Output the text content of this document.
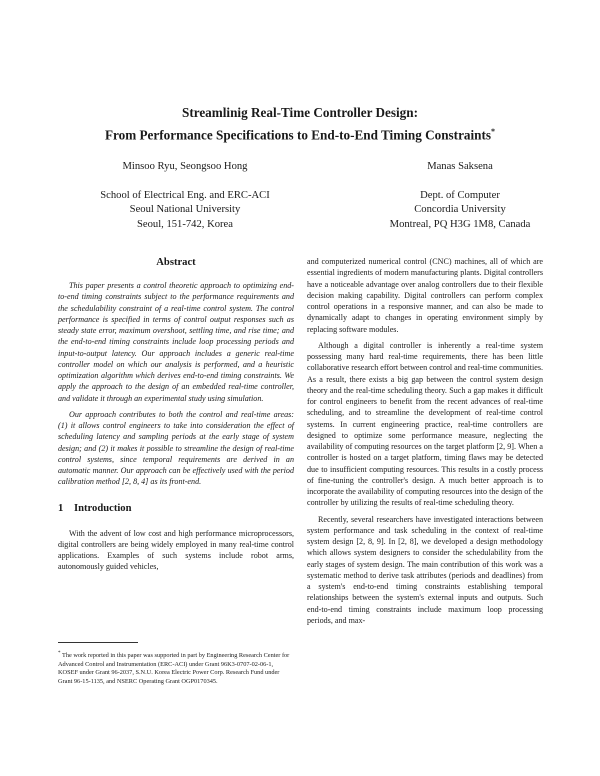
Streamlinig Real-Time Controller Design:
From Performance Specifications to End-to-End Timing Constraints*
Minsoo Ryu, Seongsoo Hong
School of Electrical Eng. and ERC-ACI
Seoul National University
Seoul, 151-742, Korea
Manas Saksena
Dept. of Computer
Concordia University
Montreal, PQ H3G 1M8, Canada
Abstract

This paper presents a control theoretic approach to optimizing end-to-end timing constraints subject to the performance requirements and the schedulability constraint of a real-time control system. The control performance is specified in terms of control output responses such as steady state error, maximum overshoot, settling time, and rise time; and the end-to-end timing constraints include loop processing periods and input-to-output latency. Our approach includes a generic real-time controller model on which our analysis is performed, and a heuristic optimization algorithm which derives end-to-end timing constraints. We apply the approach to the design of an embedded real-time controller, and validate it through an experimental study using simulation.

Our approach contributes to both the control and real-time areas: (1) it allows control engineers to take into consideration the effect of scheduling latency and sampling periods at the early stage of system design; and (2) it makes it possible to streamline the design of real-time control systems, since temporal requirements are derived in an automatic manner. Our approach can be effectively used with the period calibration method [2, 8, 4] as its front-end.

1 Introduction

With the advent of low cost and high performance microprocessors, digital controllers are being widely employed in many real-time control applications. Examples of such systems include robot arms, autonomously guided vehicles,

* The work reported in this paper was supported in part by Engineering Research Center for Advanced Control and Instrumentation (ERC-ACI) under Grant 96K3-0707-02-06-1, KOSEF under Grant 96-2037, S.N.U. Korea Electric Power Corp. Research Fund under Grant 96-15-1135, and NSERC Operating Grant OGP0170345.

and computerized numerical control (CNC) machines, all of which are essential ingredients of modern manufacturing plants. Digital controllers have a noticeable advantage over analog controllers due to their flexible decision making capability. Digital controllers can perform complex control operations in a responsive manner, and can also be made to dynamically adapt to changes in operating environment simply by replacing software modules.

Although a digital controller is inherently a real-time system possessing many hard real-time requirements, there has been little collaborative research effort between control and real-time communities. As a result, there exists a big gap between the control system design theory and the real-time scheduling theory. Such a gap makes it difficult for control engineers to benefit from the recent advances of real-time scheduling, and to streamline the development of real-time control systems. In current engineering practice, real-time controllers are designed to optimize some performance measure, neglecting the availability of computing resources on the target platform [2, 9]. When a controller is hosted on a target platform, timing flaws may be detected due to insufficient computing resources. This results in a costly process of fine-tuning the controller's design. A much better approach is to incorporate the availability of computing resources into the design of the controller by utilizing the results of real-time scheduling theory.

Recently, several researchers have investigated interactions between system performance and task scheduling in the context of real-time system design [2, 8, 9]. In [2, 8], we developed a design methodology which allows system designers to consider the schedulability from the early stages of system design. The main contribution of this work was a systematic method to derive task attributes (periods and deadlines) from a system's end-to-end timing constraints establishing temporal relationships between the system's external inputs and outputs. Such end-to-end timing constraints include maximum loop processing periods, and max-
